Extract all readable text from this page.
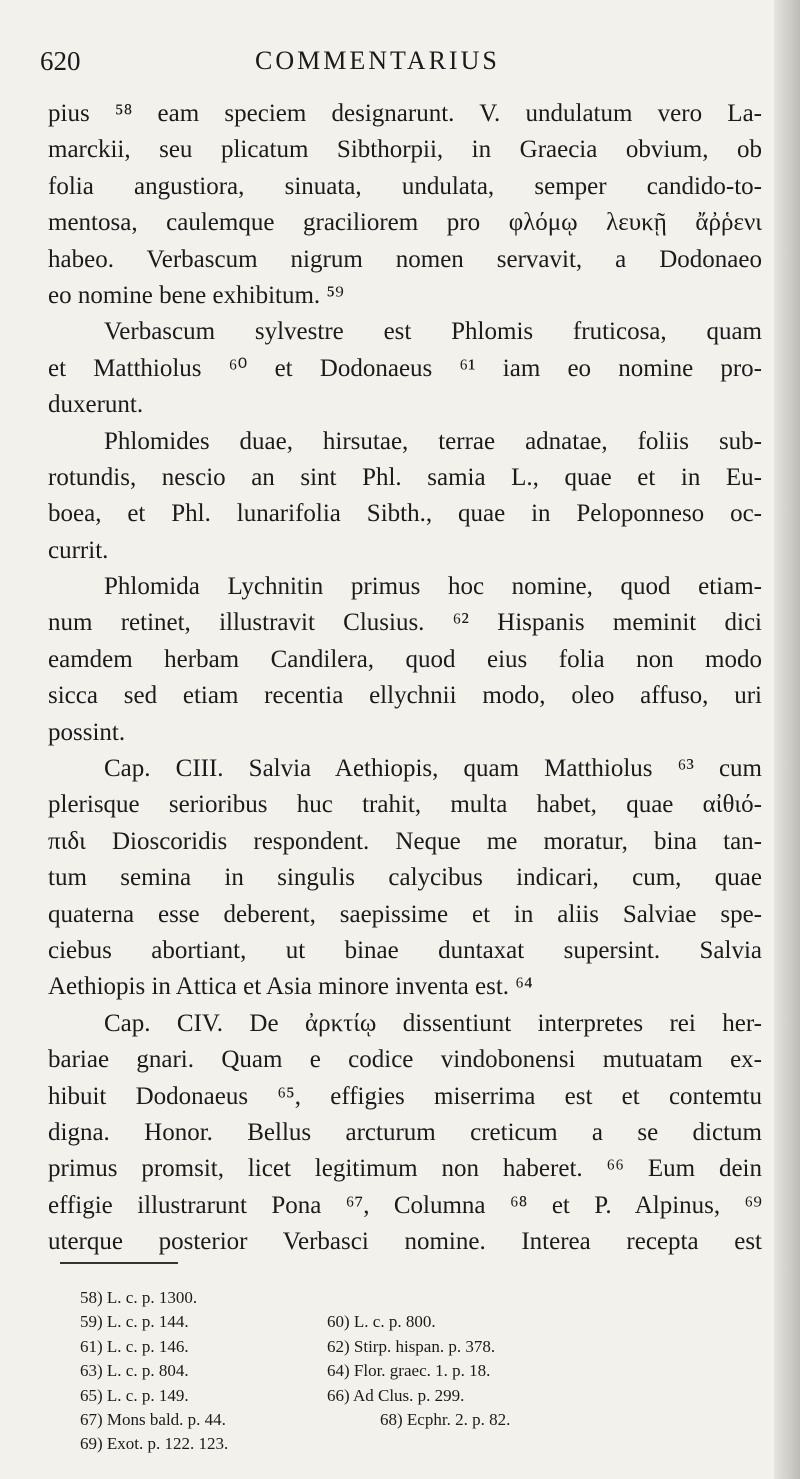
620	COMMENTARIUS
pius ⁵⁸ eam speciem designarunt. V. undulatum vero La-
marckii, seu plicatum Sibthorpii, in Graecia obvium, ob
folia angustiora, sinuata, undulata, semper candido-to-
mentosa, caulemque graciliorem pro φλόμῳ λευκῇ ἄῤῥενι
habeo. Verbascum nigrum nomen servavit, a Dodonaeo
eo nomine bene exhibitum. ⁵⁹
Verbascum sylvestre est Phlomis fruticosa, quam
et Matthiolus ⁶⁰ et Dodonaeus ⁶¹ iam eo nomine pro-
duxerunt.
Phlomides duae, hirsutae, terrae adnatae, foliis sub-
rotundis, nescio an sint Phl. samia L., quae et in Eu-
boea, et Phl. lunarifolia Sibth., quae in Peloponneso oc-
currit.
Phlomida Lychnitin primus hoc nomine, quod etiam-
num retinet, illustravit Clusius. ⁶² Hispanis meminit dici
eamdem herbam Candilera, quod eius folia non modo
sicca sed etiam recentia ellychnii modo, oleo affuso, uri
possint.
Cap. CIII. Salvia Aethiopis, quam Matthiolus ⁶³ cum
plerisque serioribus huc trahit, multa habet, quae αἰθιό-
πιδι Dioscoridis respondent. Neque me moratur, bina tan-
tum semina in singulis calycibus indicari, cum, quae
quaterna esse deberent, saepissime et in aliis Salviae spe-
ciebus abortiant, ut binae duntaxat supersint. Salvia
Aethiopis in Attica et Asia minore inventa est. ⁶⁴
Cap. CIV. De ἀρκτίῳ dissentiunt interpretes rei her-
bariae gnari. Quam e codice vindobonensi mutuatam ex-
hibuit Dodonaeus ⁶⁵, effigies miserrima est et contemtu
digna. Honor. Bellus arcturum creticum a se dictum
primus promsit, licet legitimum non haberet. ⁶⁶ Eum dein
effigie illustrarunt Pona ⁶⁷, Columna ⁶⁸ et P. Alpinus, ⁶⁹
uterque posterior Verbasci nomine. Interea recepta est
58) L. c. p. 1300.
59) L. c. p. 144.	60) L. c. p. 800.
61) L. c. p. 146.	62) Stirp. hispan. p. 378.
63) L. c. p. 804.	64) Flor. graec. 1. p. 18.
65) L. c. p. 149.	66) Ad Clus. p. 299.
67) Mons bald. p. 44.	68) Ecphr. 2. p. 82.
69) Exot. p. 122. 123.
